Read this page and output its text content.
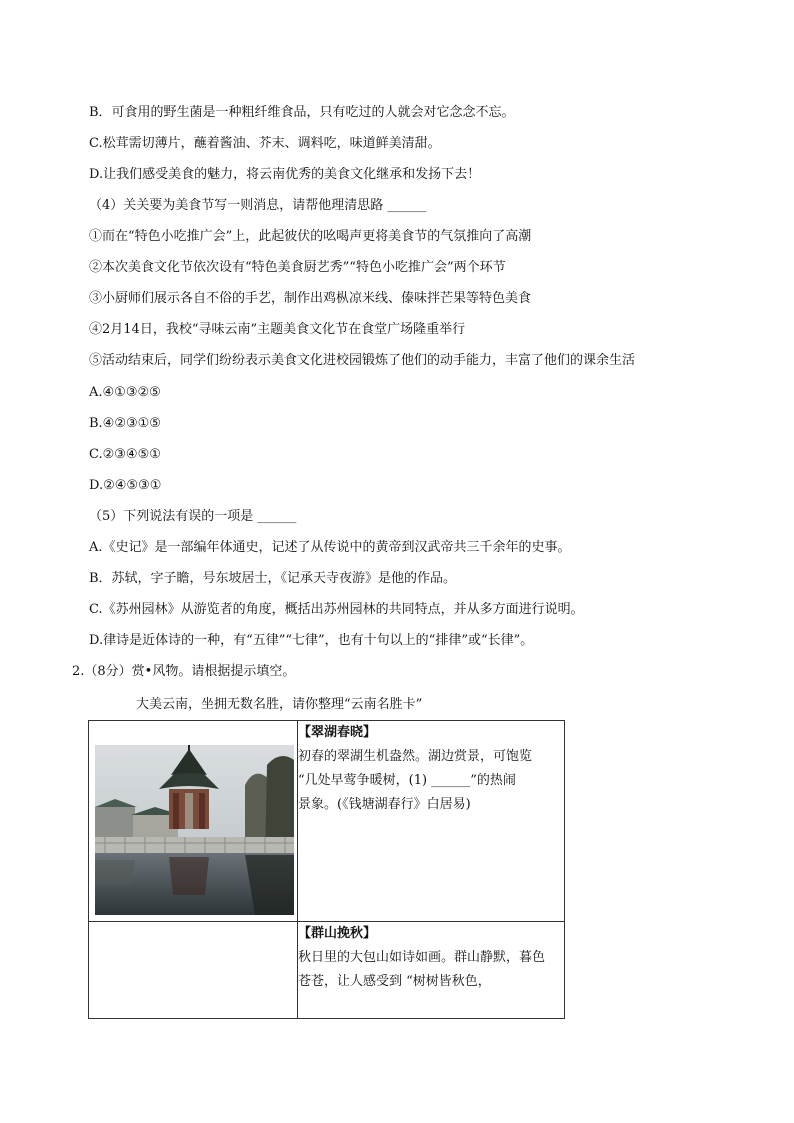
B．可食用的野生菌是一种粗纤维食品，只有吃过的人就会对它念念不忘。
C.松茸需切薄片，蘸着酱油、芥末、调料吃，味道鲜美清甜。
D.让我们感受美食的魅力，将云南优秀的美食文化继承和发扬下去！
（4）关关要为美食节写一则消息，请帮他理清思路 ______
①而在“特色小吃推广会”上，此起彼伏的吆喝声更将美食节的气氛推向了高潮
②本次美食文化节依次设有“特色美食厨艺秀”“特色小吃推广会”两个环节
③小厨师们展示各自不俗的手艺，制作出鸡枞凉米线、傣味拌芒果等特色美食
④2月14日，我校“寻味云南”主题美食文化节在食堂广场隆重举行
⑤活动结束后，同学们纷纷表示美食文化进校园锻炼了他们的动手能力，丰富了他们的课余生活
A.④①③②⑤
B.④②③①⑤
C.②③④⑤①
D.②④⑤③①
（5）下列说法有误的一项是 ______
A.《史记》是一部编年体通史，记述了从传说中的黄帝到汉武帝共三千余年的史事。
B．苏轼，字子瞻，号东坡居士，《记承天寺夜游》是他的作品。
C.《苏州园林》从游览者的角度，概括出苏州园林的共同特点，并从多方面进行说明。
D.律诗是近体诗的一种，有“五律”“七律”，也有十句以上的“排律”或“长律”。
2.（8分）赏•风物。请根据提示填空。
大美云南，坐拥无数名胜，请你整理“云南名胜卡”

【翠湖春晓】
初春的翠湖生机盎然。湖边赏景，可饱览
“几处早莺争暖树，(1) ______”的热闹
景象。(《钱塘湖春行》白居易)

	【群山挽秋】
秋日里的大包山如诗如画。群山静默，暮色
苍苍，让人感受到 “树树皆秋色，
